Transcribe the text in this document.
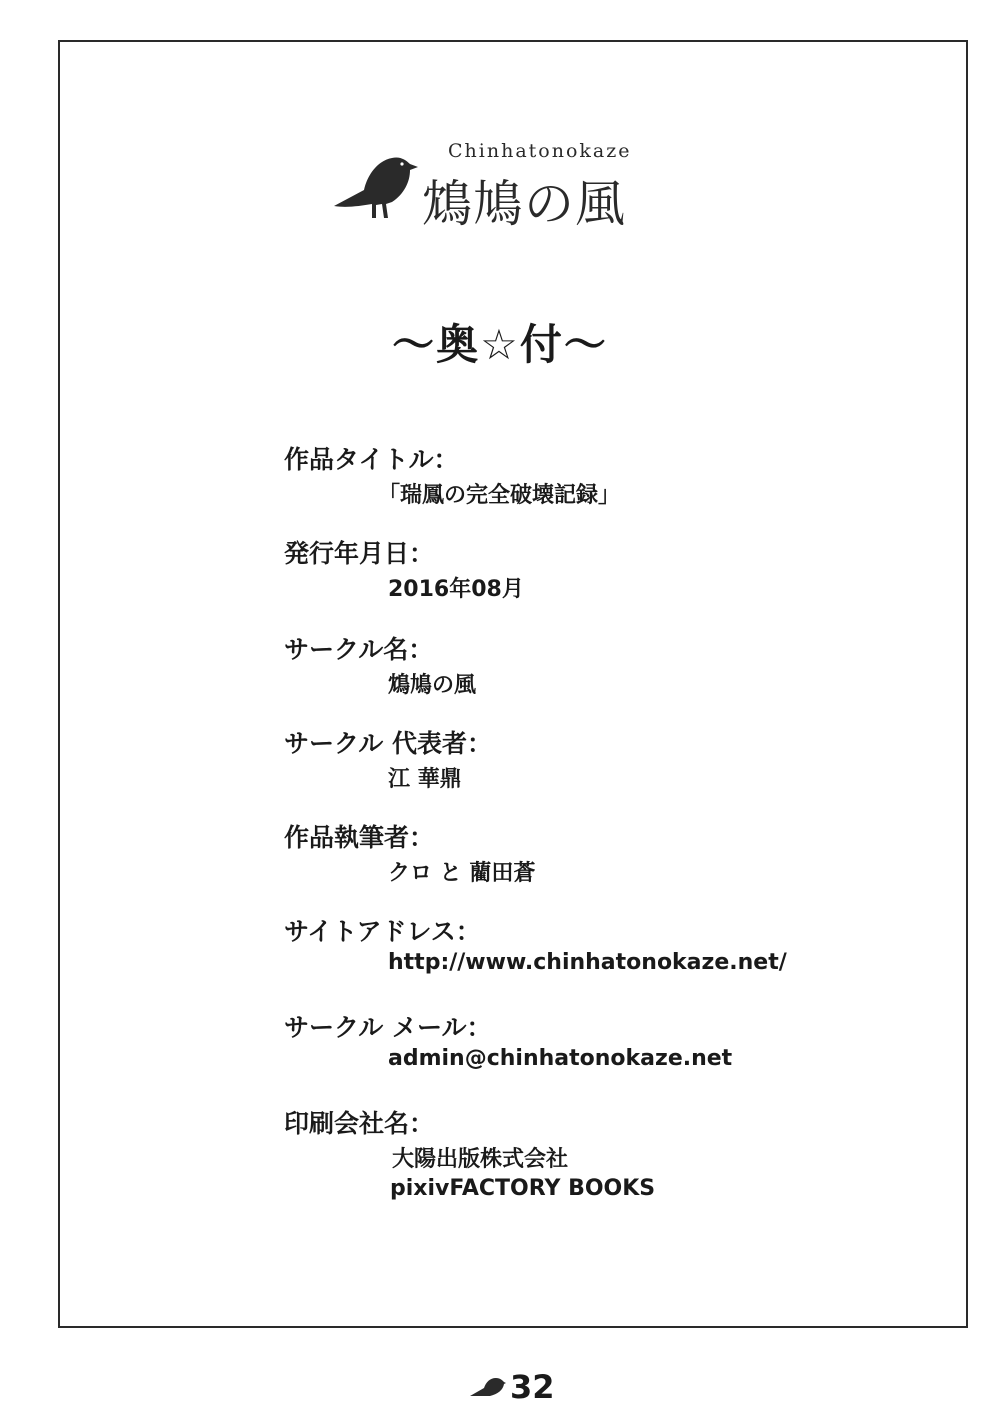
Chinhatonokaze
鴆鳩の風
～奥☆付～
作品タイトル：
「瑞鳳の完全破壊記録」
発行年月日：
2016年08月
サークル名：
鴆鳩の風
サークル 代表者：
江 華鼎
作品執筆者：
クロ と 藺田蒼
サイトアドレス：
http://www.chinhatonokaze.net/
サークル メール：
admin@chinhatonokaze.net
印刷会社名：
大陽出版株式会社
pixivFACTORY BOOKS
32
